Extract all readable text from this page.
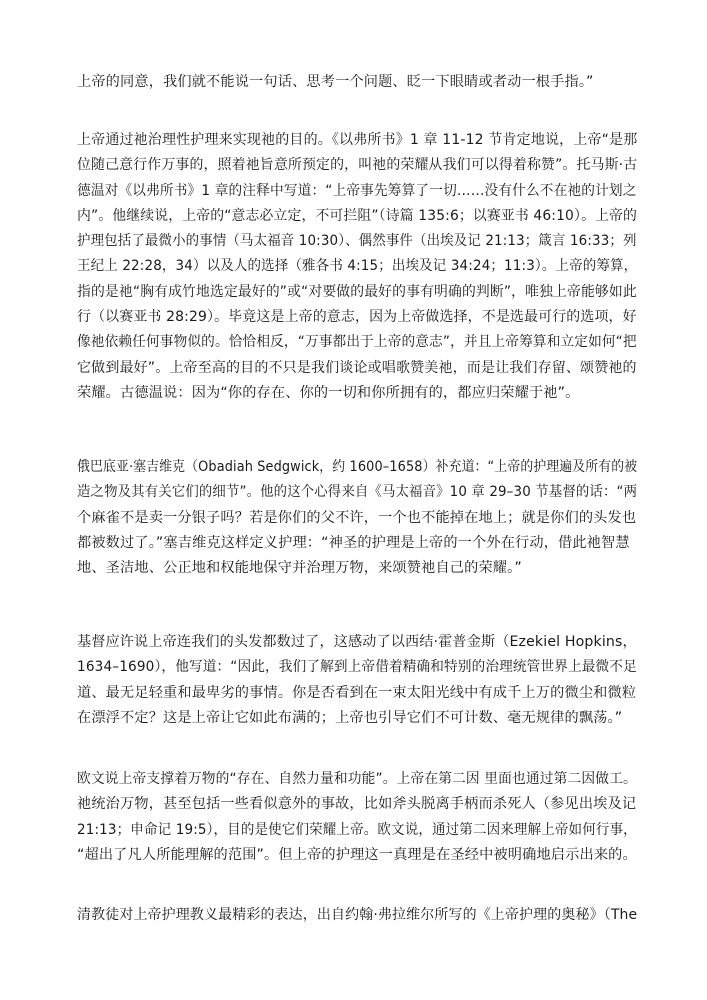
上帝的同意，我们就不能说一句话、思考一个问题、眨一下眼睛或者动一根手指。”
上帝通过祂治理性护理来实现祂的目的。《以弗所书》1 章 11-12 节肯定地说，上帝“是那
位随己意行作万事的，照着祂旨意所预定的，叫祂的荣耀从我们可以得着称赞”。托马斯·古
德温对《以弗所书》1 章的注释中写道：“上帝事先筹算了一切……没有什么不在祂的计划之
内”。他继续说，上帝的“意志必立定，不可拦阻”（诗篇 135:6；以赛亚书 46:10）。上帝的
护理包括了最微小的事情（马太福音 10:30）、偶然事件（出埃及记 21:13；箴言 16:33；列
王纪上 22:28，34）以及人的选择（雅各书 4:15；出埃及记 34:24；11:3）。上帝的筹算，
指的是祂“胸有成竹地选定最好的”或“对要做的最好的事有明确的判断”，唯独上帝能够如此
行（以赛亚书 28:29）。毕竟这是上帝的意志，因为上帝做选择，不是选最可行的选项，好
像祂依赖任何事物似的。恰恰相反，“万事都出于上帝的意志”，并且上帝筹算和立定如何“把
它做到最好”。上帝至高的目的不只是我们谈论或唱歌赞美祂，而是让我们存留、颂赞祂的
荣耀。古德温说：因为“你的存在、你的一切和你所拥有的，都应归荣耀于祂”。
俄巴底亚·塞吉维克（Obadiah Sedgwick，约 1600–1658）补充道：“上帝的护理遍及所有的被
造之物及其有关它们的细节”。他的这个心得来自《马太福音》10 章 29–30 节基督的话：“两
个麻雀不是卖一分银子吗？若是你们的父不许，一个也不能掉在地上；就是你们的头发也
都被数过了。”塞吉维克这样定义护理：“神圣的护理是上帝的一个外在行动，借此祂智慧
地、圣洁地、公正地和权能地保守并治理万物，来颂赞祂自己的荣耀。”
基督应许说上帝连我们的头发都数过了，这感动了以西结·霍普金斯（Ezekiel Hopkins，
1634–1690），他写道：“因此，我们了解到上帝借着精确和特别的治理统管世界上最微不足
道、最无足轻重和最卑劣的事情。你是否看到在一束太阳光线中有成千上万的微尘和微粒
在漂浮不定？这是上帝让它如此布满的；上帝也引导它们不可计数、毫无规律的飘荡。”
欧文说上帝支撑着万物的“存在、自然力量和功能”。上帝在第二因 里面也通过第二因做工。
祂统治万物，甚至包括一些看似意外的事故，比如斧头脱离手柄而杀死人（参见出埃及记
21:13；申命记 19:5），目的是使它们荣耀上帝。欧文说，通过第二因来理解上帝如何行事，
“超出了凡人所能理解的范围”。但上帝的护理这一真理是在圣经中被明确地启示出来的。
清教徒对上帝护理教义最精彩的表达，出自约翰·弗拉维尔所写的《上帝护理的奥秘》（The
